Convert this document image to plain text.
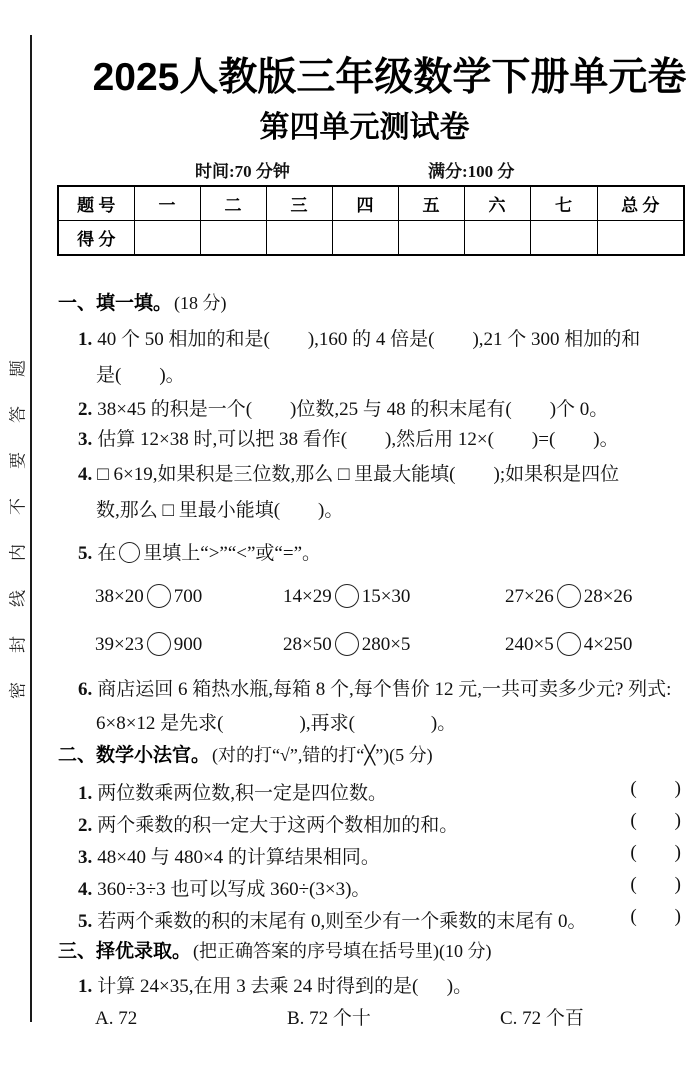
密封线内不要答题
2025人教版三年级数学下册单元卷
第四单元测试卷
时间:70 分钟	满分:100 分
题 号	一	二	三	四	五	六	七	总 分
得 分								
一、填一填。 (18 分)
1. 40 个 50 相加的和是(        ),160 的 4 倍是(        ),21 个 300 相加的和
是(        )。
2. 38×45 的积是一个(        )位数,25 与 48 的积末尾有(        )个 0。
3. 估算 12×38 时,可以把 38 看作(        ),然后用 12×(        )=(        )。
4. □ 6×19,如果积是三位数,那么 □ 里最大能填(        );如果积是四位
数,那么 □ 里最小能填(        )。
5. 在 里填上“>”“<”或“=”。
38×20 700	14×29 15×30	27×26 28×26
39×23 900	28×50 280×5	240×5 4×250
6. 商店运回 6 箱热水瓶,每箱 8 个,每个售价 12 元,一共可卖多少元? 列式:
6×8×12 是先求(                ),再求(                )。
二、数学小法官。 (对的打“√”,错的打“╳”)(5 分)
1. 两位数乘两位数,积一定是四位数。	(        )
2. 两个乘数的积一定大于这两个数相加的和。	(        )
3. 48×40 与 480×4 的计算结果相同。	(        )
4. 360÷3÷3 也可以写成 360÷(3×3)。	(        )
5. 若两个乘数的积的末尾有 0,则至少有一个乘数的末尾有 0。 (        )
三、择优录取。 (把正确答案的序号填在括号里)(10 分)
1. 计算 24×35,在用 3 去乘 24 时得到的是(      )。
A. 72	B. 72 个十	C. 72 个百
